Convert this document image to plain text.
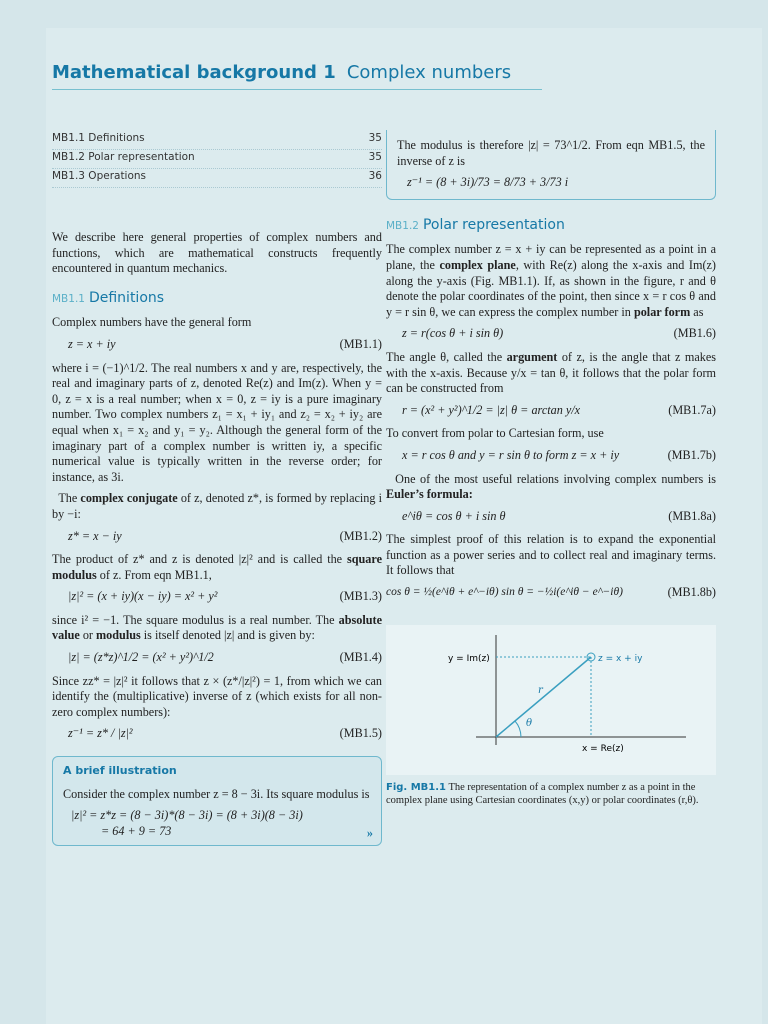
Mathematical background 1 Complex numbers
MB1.1 Definitions	35
MB1.2 Polar representation	35
MB1.3 Operations	36

We describe here general properties of complex numbers and functions, which are mathematical constructs frequently encountered in quantum mechanics.

MB1.1 Definitions

Complex numbers have the general form

z = x + iy	(MB1.1)

where i = (−1)^1/2. The real numbers x and y are, respectively, the real and imaginary parts of z, denoted Re(z) and Im(z). When y = 0, z = x is a real number; when x = 0, z = iy is a pure imaginary number. Two complex numbers z₁ = x₁ + iy₁ and z₂ = x₂ + iy₂ are equal when x₁ = x₂ and y₁ = y₂. Although the general form of the imaginary part of a complex number is written iy, a specific numerical value is typically written in the reverse order; for instance, as 3i.

The complex conjugate of z, denoted z*, is formed by replacing i by −i:

z* = x − iy	(MB1.2)

The product of z* and z is denoted |z|² and is called the square modulus of z. From eqn MB1.1,

|z|² = (x + iy)(x − iy) = x² + y²	(MB1.3)

since i² = −1. The square modulus is a real number. The absolute value or modulus is itself denoted |z| and is given by:

|z| = (z*z)^1/2 = (x² + y²)^1/2	(MB1.4)

Since zz* = |z|² it follows that z × (z*/|z|²) = 1, from which we can identify the (multiplicative) inverse of z (which exists for all non-zero complex numbers):

z⁻¹ = z* / |z|²	(MB1.5)
A brief illustration

Consider the complex number z = 8 − 3i. Its square modulus is

|z|² = z*z = (8 − 3i)*(8 − 3i) = (8 + 3i)(8 − 3i)
= 64 + 9 = 73	»

The modulus is therefore |z| = 73^1/2. From eqn MB1.5, the inverse of z is

z⁻¹ = (8 + 3i)/73 = 8/73 + 3/73 i
MB1.2 Polar representation

The complex number z = x + iy can be represented as a point in a plane, the complex plane, with Re(z) along the x-axis and Im(z) along the y-axis (Fig. MB1.1). If, as shown in the figure, r and θ denote the polar coordinates of the point, then since x = r cos θ and y = r sin θ, we can express the complex number in polar form as

z = r(cos θ + i sin θ)	(MB1.6)

The angle θ, called the argument of z, is the angle that z makes with the x-axis. Because y/x = tan θ, it follows that the polar form can be constructed from

r = (x² + y²)^1/2 = |z| θ = arctan y/x	(MB1.7a)

To convert from polar to Cartesian form, use

x = r cos θ and y = r sin θ to form z = x + iy	(MB1.7b)

One of the most useful relations involving complex numbers is Euler’s formula:

e^iθ = cos θ + i sin θ	(MB1.8a)

The simplest proof of this relation is to expand the exponential function as a power series and to collect real and imaginary terms. It follows that

cos θ = ½(e^iθ + e^−iθ) sin θ = −½i(e^iθ − e^−iθ)	(MB1.8b)
y = Im(z)	z = x + iy
r
θ
x = Re(z)
Fig. MB1.1 The representation of a complex number z as a point in the complex plane using Cartesian coordinates (x,y) or polar coordinates (r,θ).
